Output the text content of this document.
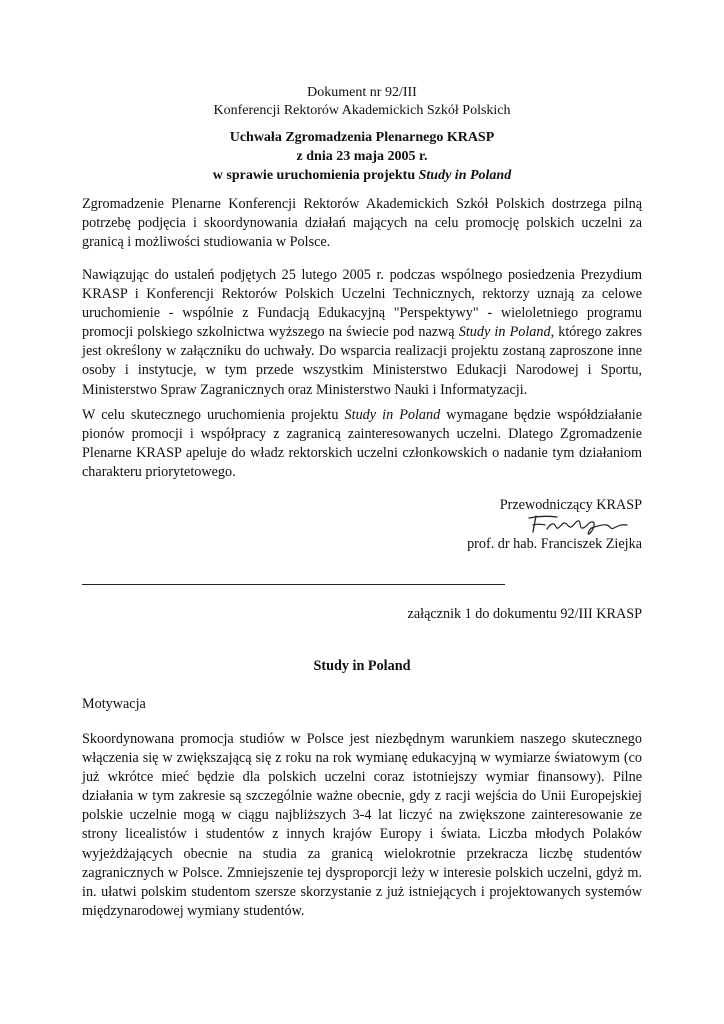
Dokument nr 92/III
Konferencji Rektorów Akademickich Szkół Polskich
Uchwała Zgromadzenia Plenarnego KRASP
z dnia 23 maja 2005 r.
w sprawie uruchomienia projektu Study in Poland

Zgromadzenie Plenarne Konferencji Rektorów Akademickich Szkół Polskich dostrzega pilną potrzebę podjęcia i skoordynowania działań mających na celu promocję polskich uczelni za granicą i możliwości studiowania w Polsce.

Nawiązując do ustaleń podjętych 25 lutego 2005 r. podczas wspólnego posiedzenia Prezydium KRASP i Konferencji Rektorów Polskich Uczelni Technicznych, rektorzy uznają za celowe uruchomienie - wspólnie z Fundacją Edukacyjną "Perspektywy" - wieloletniego programu promocji polskiego szkolnictwa wyższego na świecie pod nazwą Study in Poland, którego zakres jest określony w załączniku do uchwały. Do wsparcia realizacji projektu zostaną zaproszone inne osoby i instytucje, w tym przede wszystkim Ministerstwo Edukacji Narodowej i Sportu, Ministerstwo Spraw Zagranicznych oraz Ministerstwo Nauki i Informatyzacji.

W celu skutecznego uruchomienia projektu Study in Poland wymagane będzie współdziałanie pionów promocji i współpracy z zagranicą zainteresowanych uczelni. Dlatego Zgromadzenie Plenarne KRASP apeluje do władz rektorskich uczelni członkowskich o nadanie tym działaniom charakteru priorytetowego.

Przewodniczący KRASP
prof. dr hab. Franciszek Ziejka
załącznik 1 do dokumentu 92/III KRASP
Study in Poland
Motywacja

Skoordynowana promocja studiów w Polsce jest niezbędnym warunkiem naszego skutecznego włączenia się w zwiększającą się z roku na rok wymianę edukacyjną w wymiarze światowym (co już wkrótce mieć będzie dla polskich uczelni coraz istotniejszy wymiar finansowy). Pilne działania w tym zakresie są szczególnie ważne obecnie, gdy z racji wejścia do Unii Europejskiej polskie uczelnie mogą w ciągu najbliższych 3-4 lat liczyć na zwiększone zainteresowanie ze strony licealistów i studentów z innych krajów Europy i świata. Liczba młodych Polaków wyjeżdżających obecnie na studia za granicą wielokrotnie przekracza liczbę studentów zagranicznych w Polsce. Zmniejszenie tej dysproporcji leży w interesie polskich uczelni, gdyż m. in. ułatwi polskim studentom szersze skorzystanie z już istniejących i projektowanych systemów międzynarodowej wymiany studentów.
